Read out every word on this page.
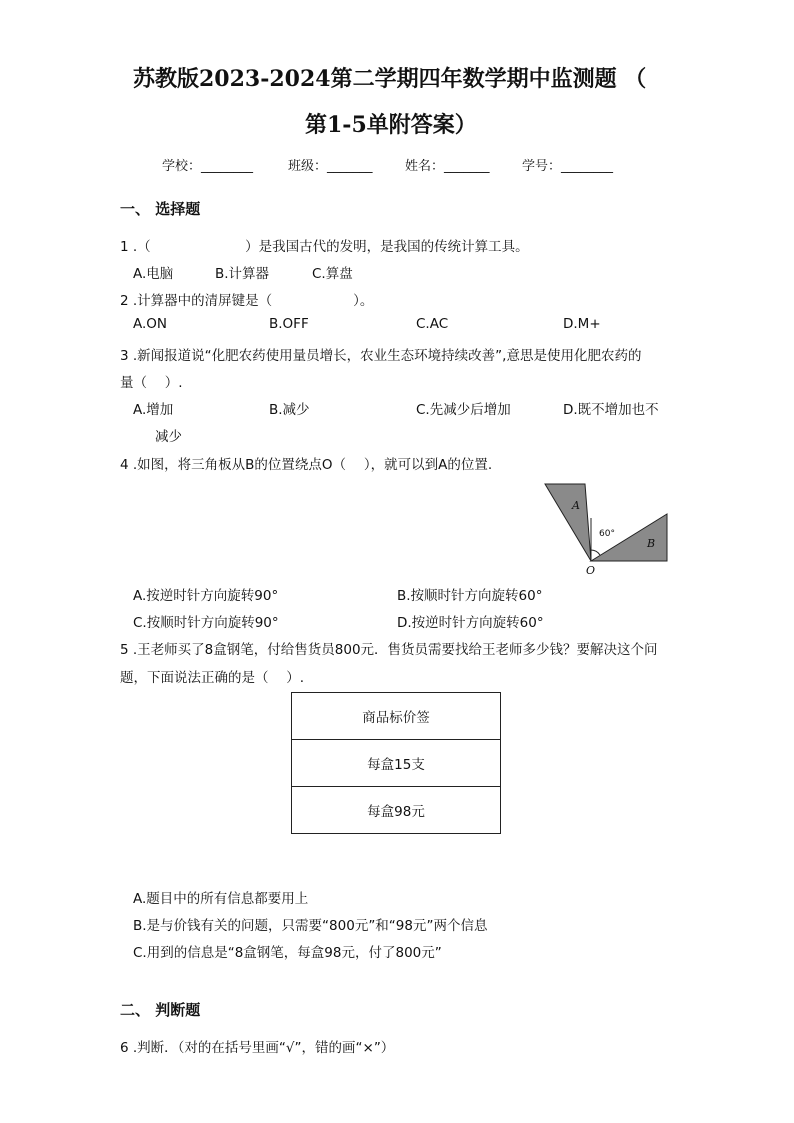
苏教版2023-2024第二学期四年数学期中监测题 （
第1-5单附答案）
学校：________	班级：_______ 姓名：_______ 学号：________
一、 选择题
1 .（　　　　　　　）是我国古代的发明，是我国的传统计算工具。
A.电脑	B.计算器	C.算盘
2 .计算器中的清屏键是（　　　　　　）。
A.ON	B.OFF	C.AC	D.M+
3 .新闻报道说“化肥农药使用量员增长，农业生态环境持续改善”,意思是使用化肥农药的
量（　 ）.
A.增加	B.减少	C.先减少后增加	D.既不增加也不
减少
4 .如图，将三角板从B的位置绕点O（　 ），就可以到A的位置.
A
B
O
60°
A.按逆时针方向旋转90°	B.按顺时针方向旋转60°
C.按顺时针方向旋转90°	D.按逆时针方向旋转60°
5 .王老师买了8盒钢笔，付给售货员800元．售货员需要找给王老师多少钱？要解决这个问
题，下面说法正确的是（　 ）.
商品标价签
每盒15支
每盒98元
A.题目中的所有信息都要用上
B.是与价钱有关的问题，只需要“800元”和“98元”两个信息
C.用到的信息是“8盒钢笔，每盒98元，付了800元”
二、 判断题
6 .判断．（对的在括号里画“√”，错的画“×”）
